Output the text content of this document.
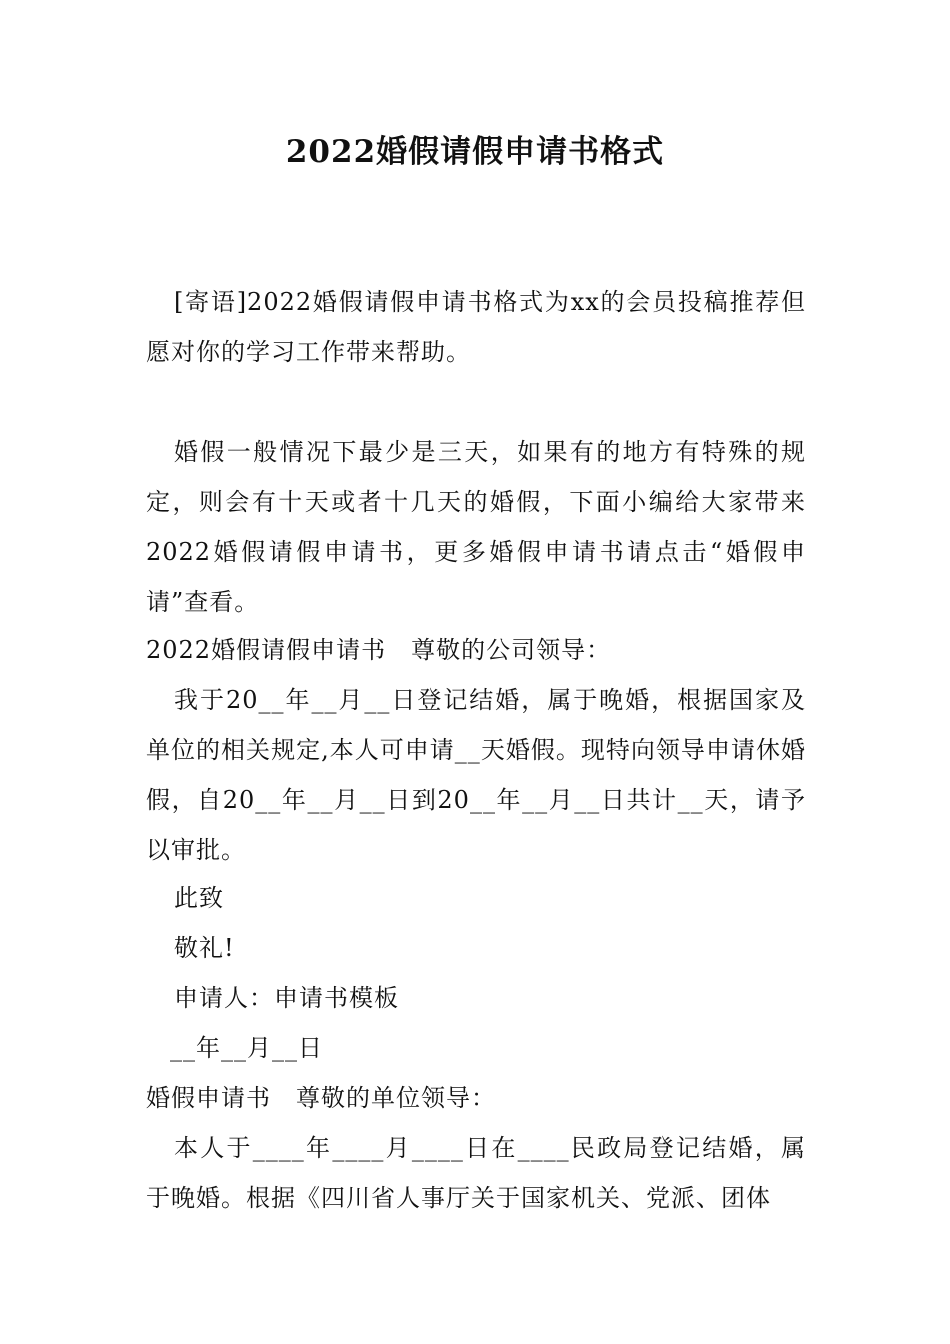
2022婚假请假申请书格式
[寄语]2022婚假请假申请书格式为xx的会员投稿推荐但愿对你的学习工作带来帮助。
婚假一般情况下最少是三天，如果有的地方有特殊的规定，则会有十天或者十几天的婚假，下面小编给大家带来2022婚假请假申请书，更多婚假申请书请点击“婚假申请”查看。
2022婚假请假申请书　尊敬的公司领导：
我于20__年__月__日登记结婚，属于晚婚，根据国家及单位的相关规定,本人可申请__天婚假。现特向领导申请休婚假，自20__年__月__日到20__年__月__日共计__天，请予以审批。
此致
敬礼!
申请人：申请书模板
__年__月__日
婚假申请书　尊敬的单位领导：
本人于____年____月____日在____民政局登记结婚，属于晚婚。根据《四川省人事厅关于国家机关、党派、团体
